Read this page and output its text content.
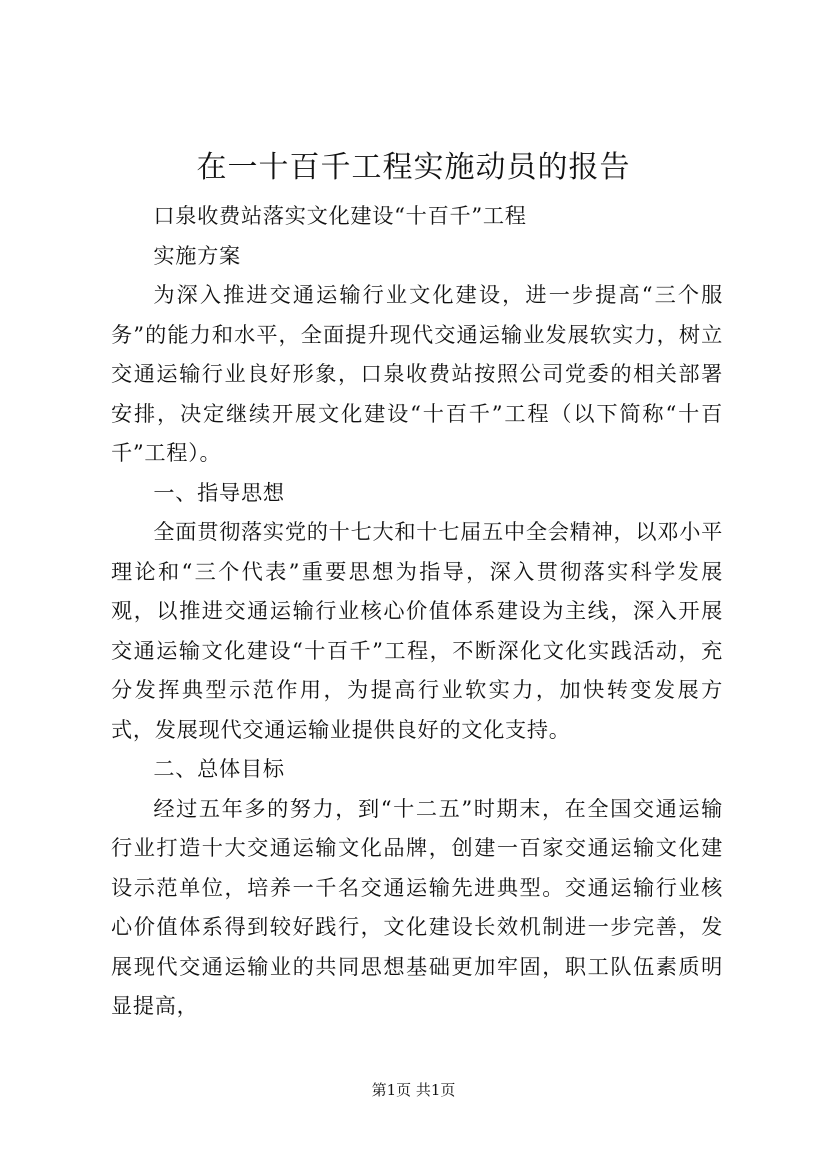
在一十百千工程实施动员的报告

口泉收费站落实文化建设“十百千”工程

实施方案

为深入推进交通运输行业文化建设，进一步提高“三个服务”的能力和水平，全面提升现代交通运输业发展软实力，树立交通运输行业良好形象，口泉收费站按照公司党委的相关部署安排，决定继续开展文化建设“十百千”工程（以下简称“十百千”工程）。

一、指导思想

全面贯彻落实党的十七大和十七届五中全会精神，以邓小平理论和“三个代表”重要思想为指导，深入贯彻落实科学发展观，以推进交通运输行业核心价值体系建设为主线，深入开展交通运输文化建设“十百千”工程，不断深化文化实践活动，充分发挥典型示范作用，为提高行业软实力，加快转变发展方式，发展现代交通运输业提供良好的文化支持。

二、总体目标

经过五年多的努力，到“十二五”时期末，在全国交通运输行业打造十大交通运输文化品牌，创建一百家交通运输文化建设示范单位，培养一千名交通运输先进典型。交通运输行业核心价值体系得到较好践行，文化建设长效机制进一步完善，发展现代交通运输业的共同思想基础更加牢固，职工队伍素质明显提高，

第1页 共1页
